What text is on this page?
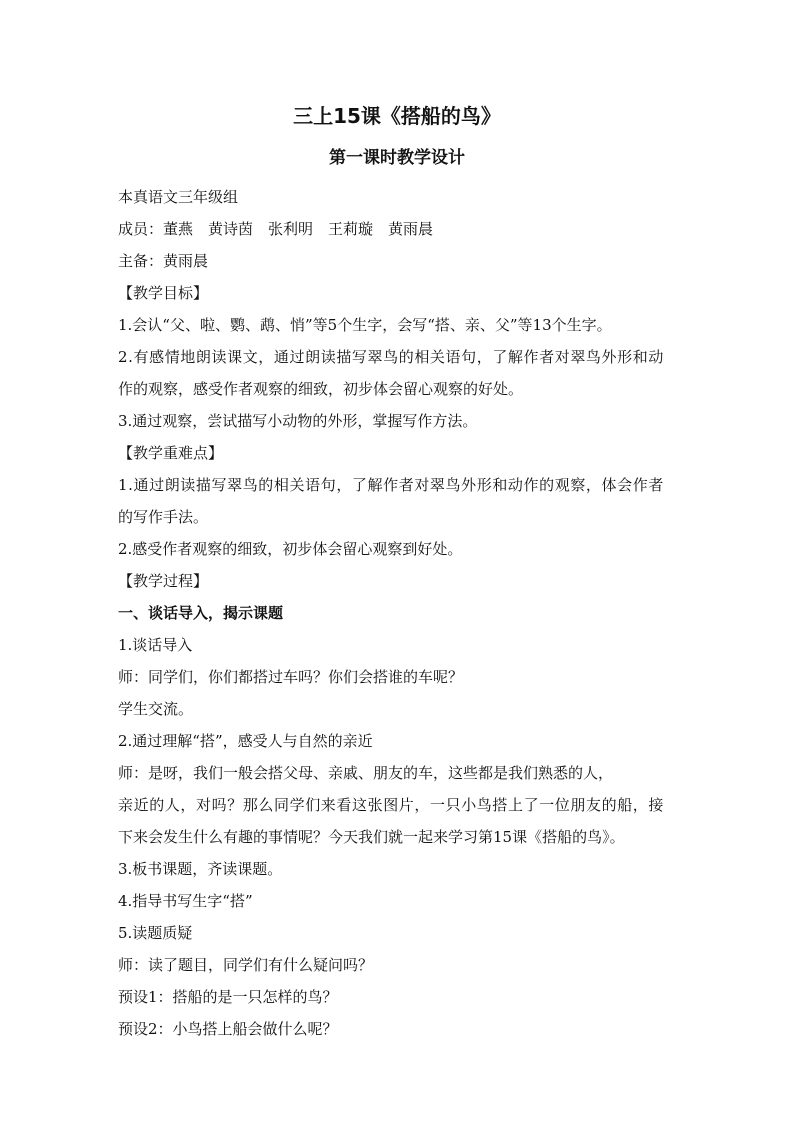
三上15课《搭船的鸟》
第一课时教学设计

本真语文三年级组

成员：董燕　黄诗茵　张利明　王莉璇　黄雨晨

主备：黄雨晨

【教学目标】

1.会认“父、啦、鹦、鹉、悄”等5个生字，会写“搭、亲、父”等13个生字。

2.有感情地朗读课文，通过朗读描写翠鸟的相关语句，了解作者对翠鸟外形和动

作的观察，感受作者观察的细致，初步体会留心观察的好处。

3.通过观察，尝试描写小动物的外形，掌握写作方法。

【教学重难点】

1.通过朗读描写翠鸟的相关语句，了解作者对翠鸟外形和动作的观察，体会作者

的写作手法。

2.感受作者观察的细致，初步体会留心观察到好处。

【教学过程】

一、谈话导入，揭示课题

1.谈话导入

师：同学们，你们都搭过车吗？你们会搭谁的车呢？

学生交流。

2.通过理解“搭”，感受人与自然的亲近

师：是呀，我们一般会搭父母、亲戚、朋友的车，这些都是我们熟悉的人，

亲近的人，对吗？那么同学们来看这张图片，一只小鸟搭上了一位朋友的船，接

下来会发生什么有趣的事情呢？今天我们就一起来学习第15课《搭船的鸟》。

3.板书课题，齐读课题。

4.指导书写生字“搭”

5.读题质疑

师：读了题目，同学们有什么疑问吗？

预设1：搭船的是一只怎样的鸟？

预设2：小鸟搭上船会做什么呢？
